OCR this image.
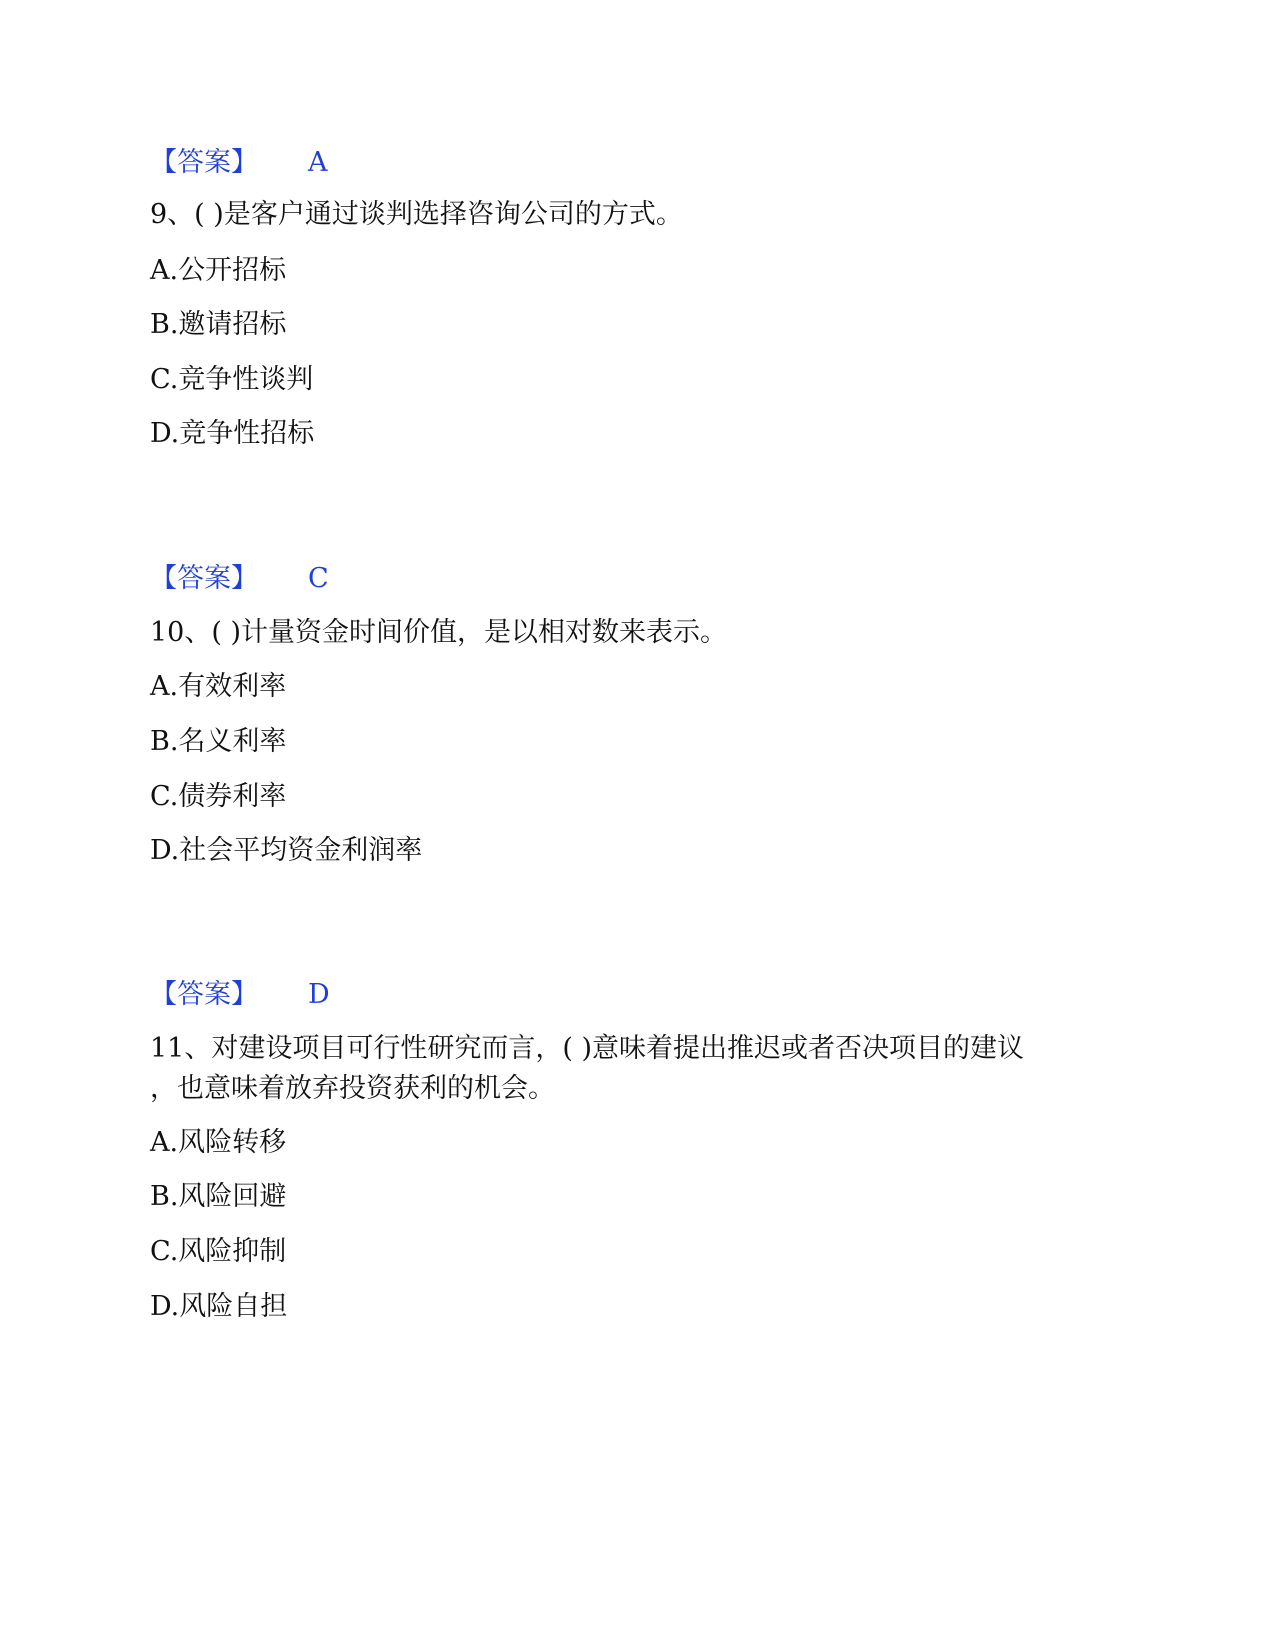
【答案】 A
9、( )是客户通过谈判选择咨询公司的方式。
A.公开招标
B.邀请招标
C.竞争性谈判
D.竞争性招标
【答案】 C
10、( )计量资金时间价值，是以相对数来表示。
A.有效利率
B.名义利率
C.债券利率
D.社会平均资金利润率
【答案】 D
11、对建设项目可行性研究而言，( )意味着提出推迟或者否决项目的建议
，也意味着放弃投资获利的机会。
A.风险转移
B.风险回避
C.风险抑制
D.风险自担
